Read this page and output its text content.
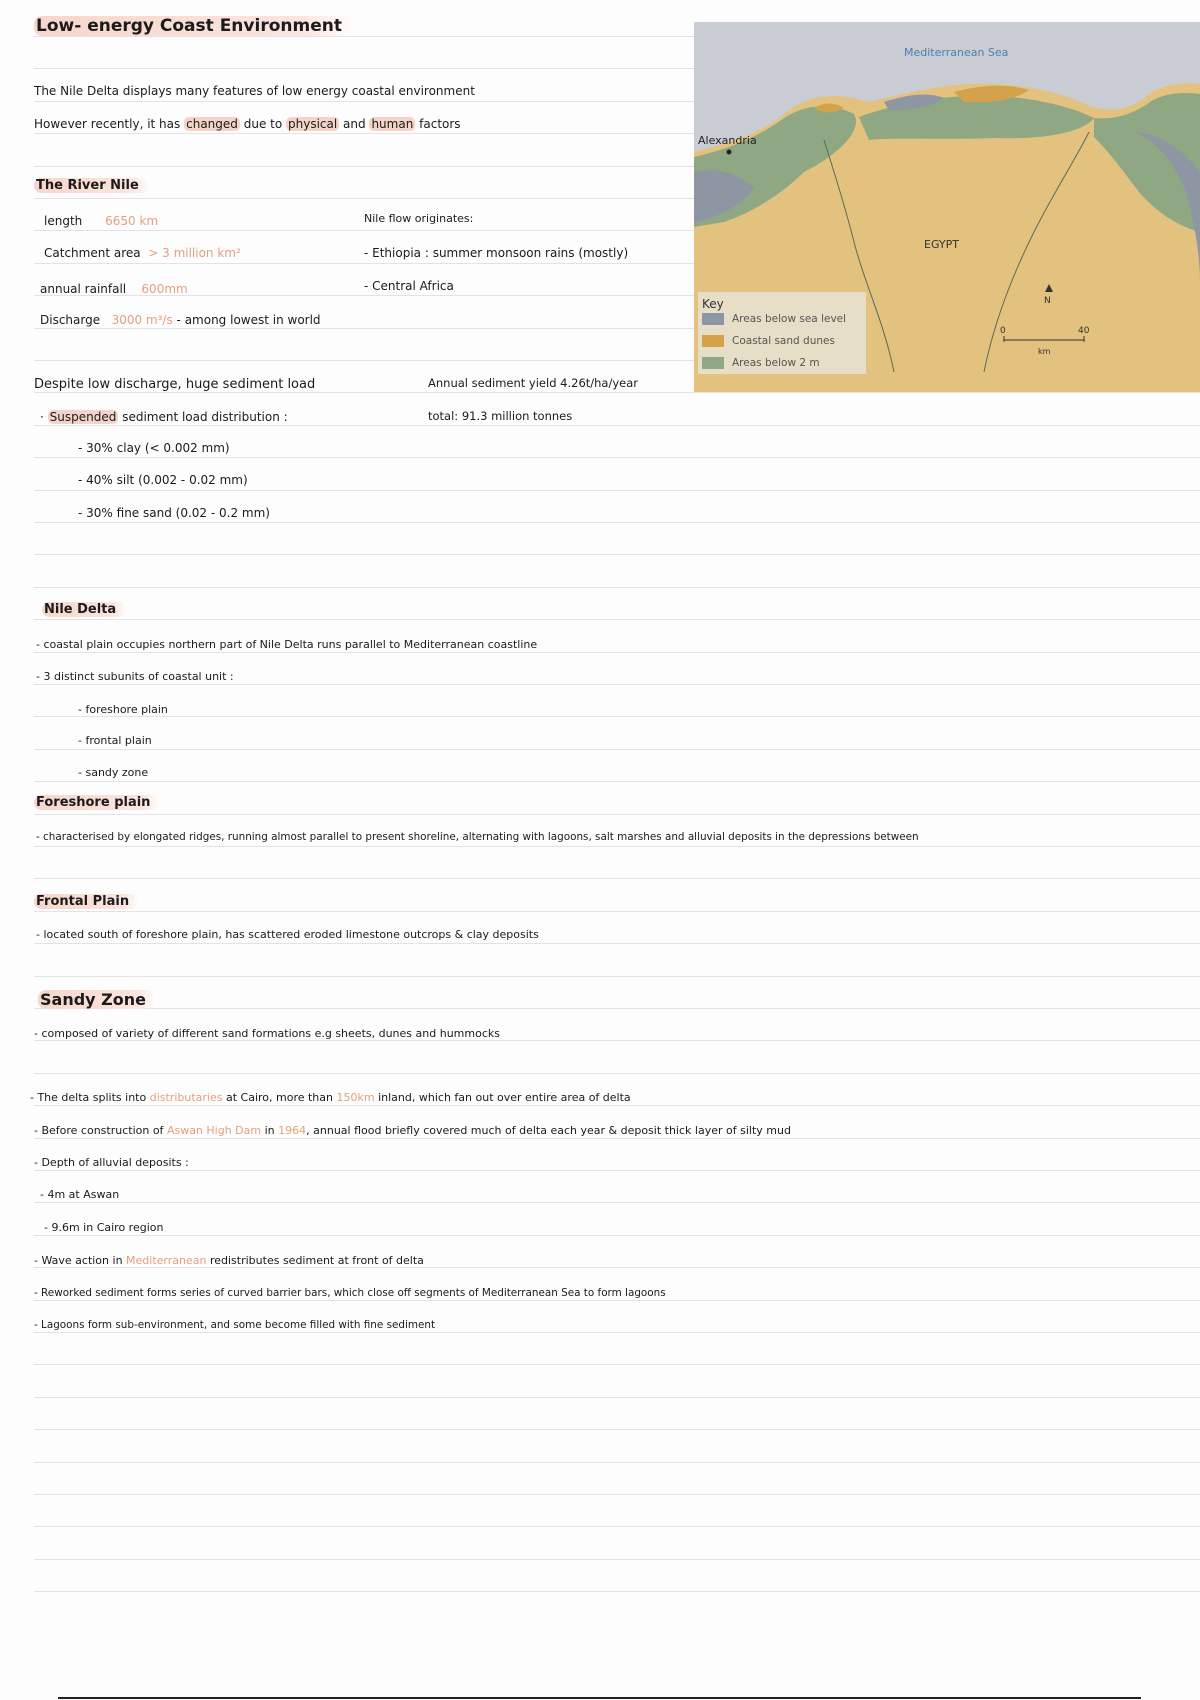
Low- energy Coast Environment
The Nile Delta displays many features of low energy coastal environment
However recently, it has changed due to physical and human factors
The River Nile
length 6650 km
Catchment area > 3 million km²
annual rainfall 600mm
Discharge 3000 m³/s - among lowest in world
Nile flow originates:
- Ethiopia : summer monsoon rains (mostly)
- Central Africa
Despite low discharge, huge sediment load	Annual sediment yield 4.26t/ha/year
total: 91.3 million tonnes
· Suspended sediment load distribution :
- 30% clay (< 0.002 mm)
- 40% silt (0.002 - 0.02 mm)
- 30% fine sand (0.02 - 0.2 mm)
Nile Delta
- coastal plain occupies northern part of Nile Delta runs parallel to Mediterranean coastline
- 3 distinct subunits of coastal unit :
- foreshore plain
- frontal plain
- sandy zone
Foreshore plain
- characterised by elongated ridges, running almost parallel to present shoreline, alternating with lagoons, salt marshes and alluvial deposits in the depressions between
Frontal Plain
- located south of foreshore plain, has scattered eroded limestone outcrops & clay deposits
Sandy Zone
- composed of variety of different sand formations e.g sheets, dunes and hummocks
- The delta splits into distributaries at Cairo, more than 150km inland, which fan out over entire area of delta
- Before construction of Aswan High Dam in 1964, annual flood briefly covered much of delta each year & deposit thick layer of silty mud
- Depth of alluvial deposits :
- 4m at Aswan
- 9.6m in Cairo region
- Wave action in Mediterranean redistributes sediment at front of delta
- Reworked sediment forms series of curved barrier bars, which close off segments of Mediterranean Sea to form lagoons
- Lagoons form sub-environment, and some become filled with fine sediment
Mediterranean Sea
Alexandria
EGYPT
Key
Areas below sea level
Coastal sand dunes
Areas below 2 m
N
0	40
km
